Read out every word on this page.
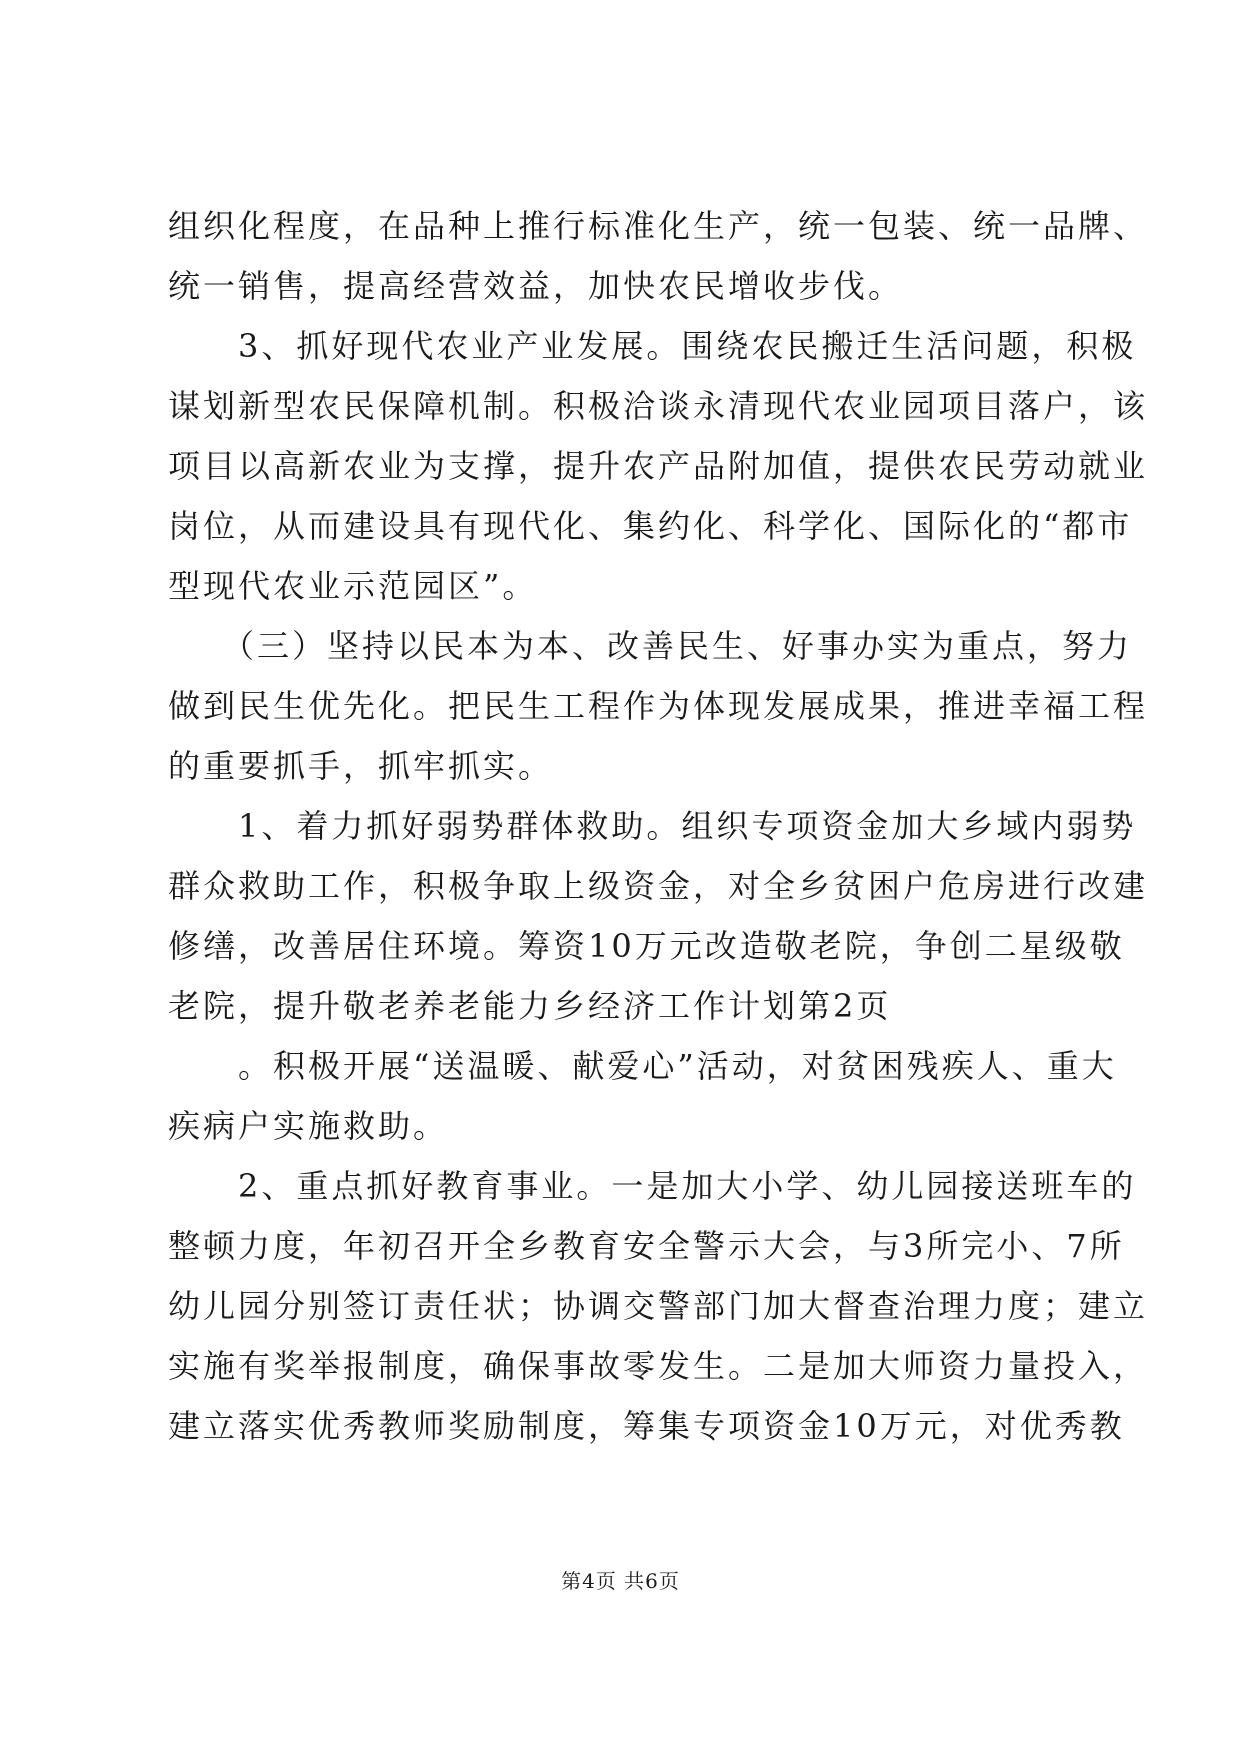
组织化程度，在品种上推行标准化生产，统一包装、统一品牌、
统一销售，提高经营效益，加快农民增收步伐。
　　3、抓好现代农业产业发展。围绕农民搬迁生活问题，积极
谋划新型农民保障机制。积极洽谈永清现代农业园项目落户，该
项目以高新农业为支撑，提升农产品附加值，提供农民劳动就业
岗位，从而建设具有现代化、集约化、科学化、国际化的“都市
型现代农业示范园区”。
　　（三）坚持以民本为本、改善民生、好事办实为重点，努力
做到民生优先化。把民生工程作为体现发展成果，推进幸福工程
的重要抓手，抓牢抓实。
　　1、着力抓好弱势群体救助。组织专项资金加大乡域内弱势
群众救助工作，积极争取上级资金，对全乡贫困户危房进行改建
修缮，改善居住环境。筹资10万元改造敬老院，争创二星级敬
老院，提升敬老养老能力乡经济工作计划第2页
　　。积极开展“送温暖、献爱心”活动，对贫困残疾人、重大
疾病户实施救助。
　　2、重点抓好教育事业。一是加大小学、幼儿园接送班车的
整顿力度，年初召开全乡教育安全警示大会，与3所完小、7所
幼儿园分别签订责任状；协调交警部门加大督查治理力度；建立
实施有奖举报制度，确保事故零发生。二是加大师资力量投入，
建立落实优秀教师奖励制度，筹集专项资金10万元，对优秀教
第4页 共6页
